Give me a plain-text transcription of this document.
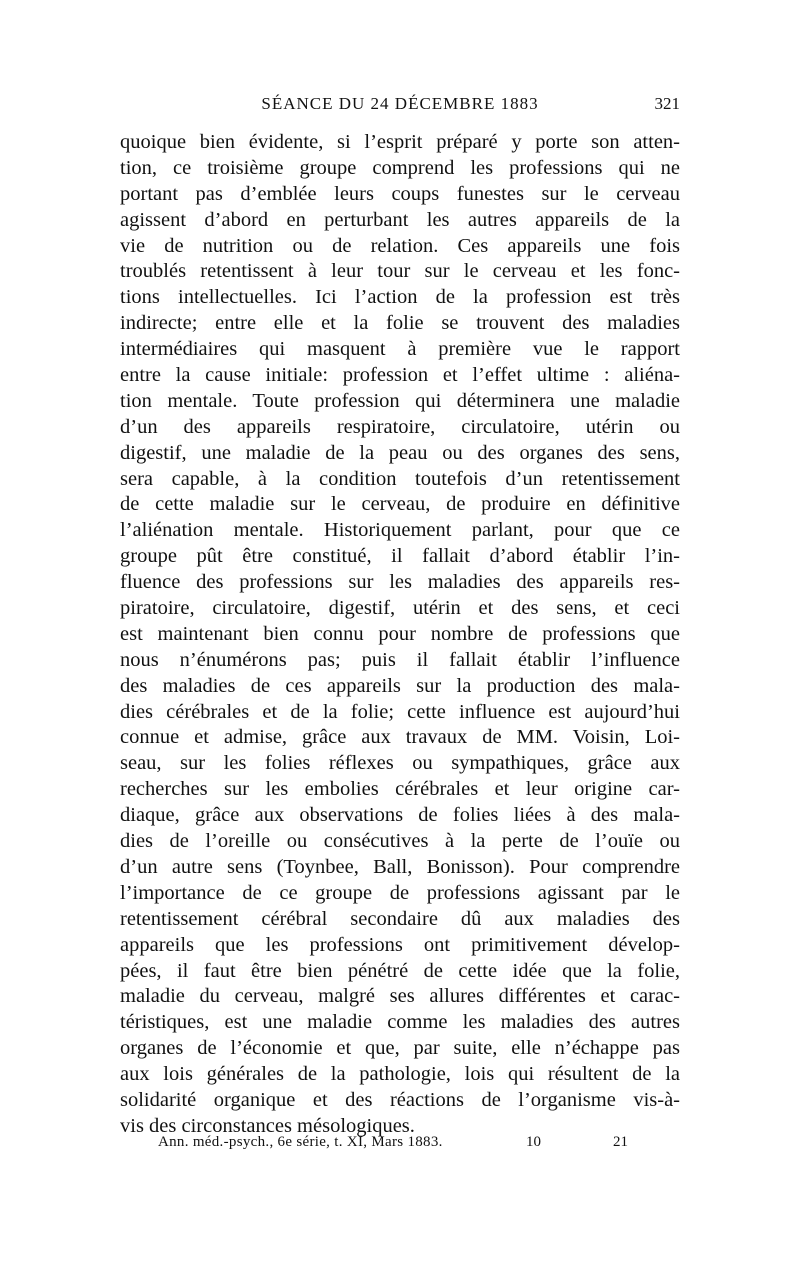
SÉANCE DU 24 DÉCEMBRE 1883	321
quoique bien évidente, si l’esprit préparé y porte son atten-
tion, ce troisième groupe comprend les professions qui ne
portant pas d’emblée leurs coups funestes sur le cerveau
agissent d’abord en perturbant les autres appareils de la
vie de nutrition ou de relation. Ces appareils une fois
troublés retentissent à leur tour sur le cerveau et les fonc-
tions intellectuelles. Ici l’action de la profession est très
indirecte; entre elle et la folie se trouvent des maladies
intermédiaires qui masquent à première vue le rapport
entre la cause initiale: profession et l’effet ultime : aliéna-
tion mentale. Toute profession qui déterminera une maladie
d’un des appareils respiratoire, circulatoire, utérin ou
digestif, une maladie de la peau ou des organes des sens,
sera capable, à la condition toutefois d’un retentissement
de cette maladie sur le cerveau, de produire en définitive
l’aliénation mentale. Historiquement parlant, pour que ce
groupe pût être constitué, il fallait d’abord établir l’in-
fluence des professions sur les maladies des appareils res-
piratoire, circulatoire, digestif, utérin et des sens, et ceci
est maintenant bien connu pour nombre de professions que
nous n’énumérons pas; puis il fallait établir l’influence
des maladies de ces appareils sur la production des mala-
dies cérébrales et de la folie; cette influence est aujourd’hui
connue et admise, grâce aux travaux de MM. Voisin, Loi-
seau, sur les folies réflexes ou sympathiques, grâce aux
recherches sur les embolies cérébrales et leur origine car-
diaque, grâce aux observations de folies liées à des mala-
dies de l’oreille ou consécutives à la perte de l’ouïe ou
d’un autre sens (Toynbee, Ball, Bonisson). Pour comprendre
l’importance de ce groupe de professions agissant par le
retentissement cérébral secondaire dû aux maladies des
appareils que les professions ont primitivement dévelop-
pées, il faut être bien pénétré de cette idée que la folie,
maladie du cerveau, malgré ses allures différentes et carac-
téristiques, est une maladie comme les maladies des autres
organes de l’économie et que, par suite, elle n’échappe pas
aux lois générales de la pathologie, lois qui résultent de la
solidarité organique et des réactions de l’organisme vis-à-
vis des circonstances mésologiques.
Ann. méd.-psych., 6e série, t. XI, Mars 1883.	10	21
